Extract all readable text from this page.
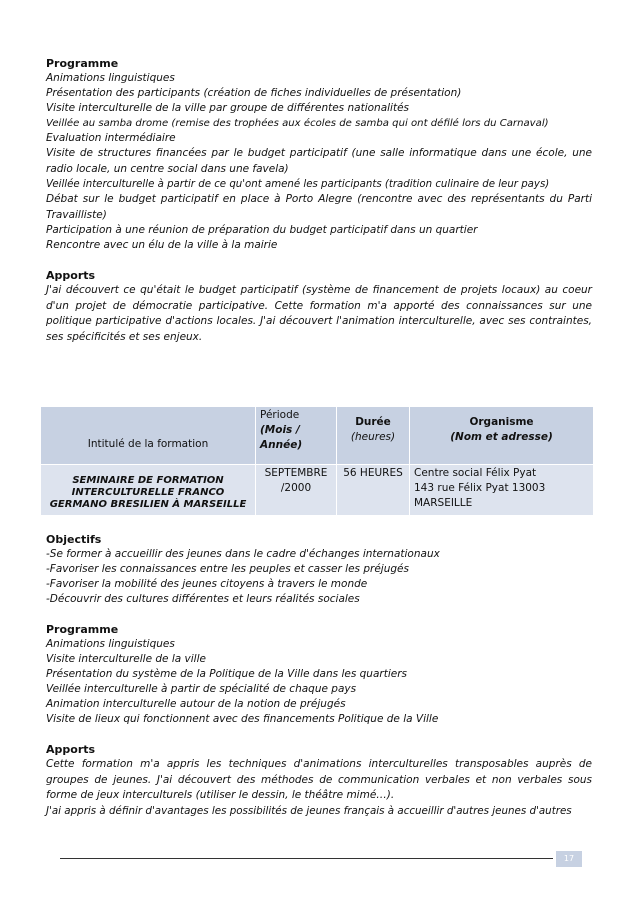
Programme

Animations linguistiques

Présentation des participants (création de fiches individuelles de présentation)

Visite interculturelle de la ville par groupe de différentes nationalités

Veillée au samba drome (remise des trophées aux écoles de samba qui ont défilé lors du Carnaval)

Evaluation intermédiaire

Visite de structures financées par le budget participatif (une salle informatique dans une école, une radio locale, un centre social dans une favela)

Veillée interculturelle à partir de ce qu'ont amené les participants (tradition culinaire de leur pays)

Débat sur le budget participatif en place à Porto Alegre (rencontre avec des représentants du Parti Travailliste)

Participation à une réunion de préparation du budget participatif dans un quartier

Rencontre avec un élu de la ville à la mairie

Apports

J'ai découvert ce qu'était le budget participatif (système de financement de projets locaux) au coeur d'un projet de démocratie participative. Cette formation m'a apporté des connaissances sur une politique participative d'actions locales. J'ai découvert l'animation interculturelle, avec ses contraintes, ses spécificités et ses enjeux.

Intitulé de la formation	Période
(Mois /
Année)	Durée
(heures)	Organisme
(Nom et adresse)
SEMINAIRE DE FORMATION INTERCULTURELLE FRANCO GERMANO BRESILIEN À MARSEILLE	SEPTEMBRE /2000	56 HEURES	Centre social Félix Pyat
143 rue Félix Pyat 13003 MARSEILLE

Objectifs

-Se former à accueillir des jeunes dans le cadre d'échanges internationaux

-Favoriser les connaissances entre les peuples et casser les préjugés

-Favoriser la mobilité des jeunes citoyens à travers le monde

-Découvrir des cultures différentes et leurs réalités sociales

Programme

Animations linguistiques

Visite interculturelle de la ville

Présentation du système de la Politique de la Ville dans les quartiers

Veillée interculturelle à partir de spécialité de chaque pays

Animation interculturelle autour de la notion de préjugés

Visite de lieux qui fonctionnent avec des financements Politique de la Ville

Apports

Cette formation m'a appris les techniques d'animations interculturelles transposables auprès de groupes de jeunes. J'ai découvert des méthodes de communication verbales et non verbales sous forme de jeux interculturels (utiliser le dessin, le théâtre mimé…).

J'ai appris à définir d'avantages les possibilités de jeunes français à accueillir d'autres jeunes d'autres

17
